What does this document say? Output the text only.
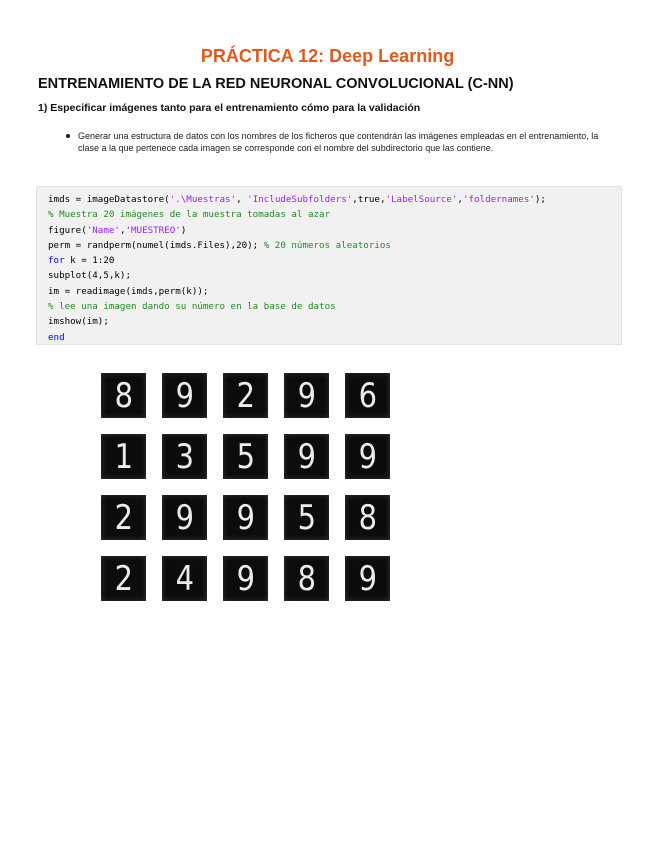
PRÁCTICA 12: Deep Learning
ENTRENAMIENTO DE LA RED NEURONAL CONVOLUCIONAL (C-NN)
1) Especificar imágenes tanto para el entrenamiento cómo para la validación
Generar una estructura de datos con los nombres de los ficheros que contendrán las imágenes empleadas en el entrenamiento, la clase a la que pertenece cada imagen se corresponde con el nombre del subdirectorio que las contiene.
imds = imageDatastore('.\Muestras', 'IncludeSubfolders',true,'LabelSource','foldernames');
% Muestra 20 imágenes de la muestra tomadas al azar
figure('Name','MUESTREO')
perm = randperm(numel(imds.Files),20); % 20 números aleatorios
for k = 1:20
subplot(4,5,k);
im = readimage(imds,perm(k));
% lee una imagen dando su número en la base de datos
imshow(im);
end
8 9 2 9 6
1 3 5 9 9
2 9 9 5 8
2 4 9 8 9
